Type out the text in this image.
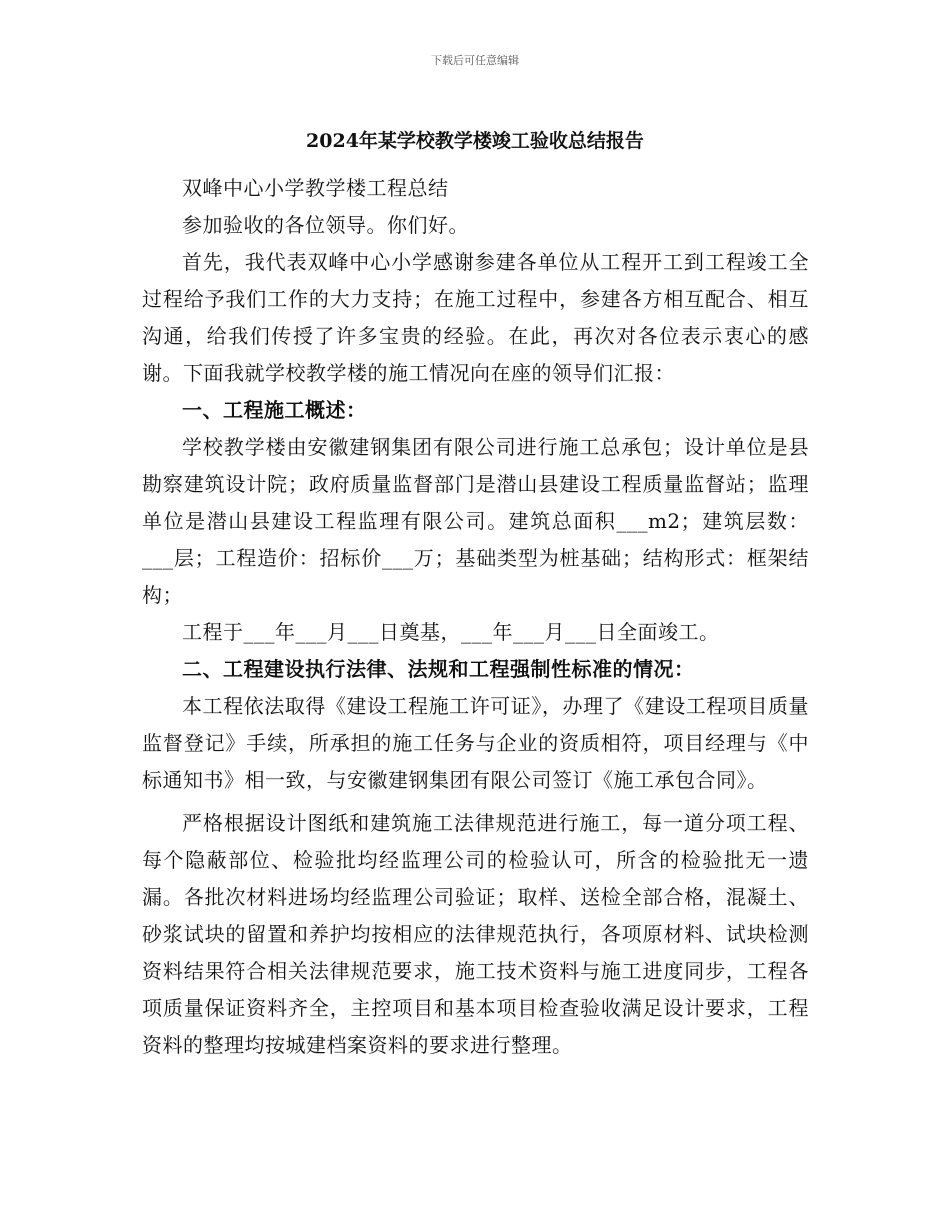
下载后可任意编辑
2024年某学校教学楼竣工验收总结报告

双峰中心小学教学楼工程总结

参加验收的各位领导。你们好。

首先，我代表双峰中心小学感谢参建各单位从工程开工到工程竣工全过程给予我们工作的大力支持；在施工过程中，参建各方相互配合、相互沟通，给我们传授了许多宝贵的经验。在此，再次对各位表示衷心的感谢。下面我就学校教学楼的施工情况向在座的领导们汇报：

一、工程施工概述：

学校教学楼由安徽建钢集团有限公司进行施工总承包；设计单位是县勘察建筑设计院；政府质量监督部门是潜山县建设工程质量监督站；监理单位是潜山县建设工程监理有限公司。建筑总面积___m2；建筑层数：___层；工程造价：招标价___万；基础类型为桩基础；结构形式：框架结构；

工程于___年___月___日奠基，___年___月___日全面竣工。

二、工程建设执行法律、法规和工程强制性标准的情况：

本工程依法取得《建设工程施工许可证》，办理了《建设工程项目质量监督登记》手续，所承担的施工任务与企业的资质相符，项目经理与《中标通知书》相一致，与安徽建钢集团有限公司签订《施工承包合同》。

严格根据设计图纸和建筑施工法律规范进行施工，每一道分项工程、每个隐蔽部位、检验批均经监理公司的检验认可，所含的检验批无一遗漏。各批次材料进场均经监理公司验证；取样、送检全部合格，混凝土、砂浆试块的留置和养护均按相应的法律规范执行，各项原材料、试块检测资料结果符合相关法律规范要求，施工技术资料与施工进度同步，工程各项质量保证资料齐全，主控项目和基本项目检查验收满足设计要求，工程资料的整理均按城建档案资料的要求进行整理。
